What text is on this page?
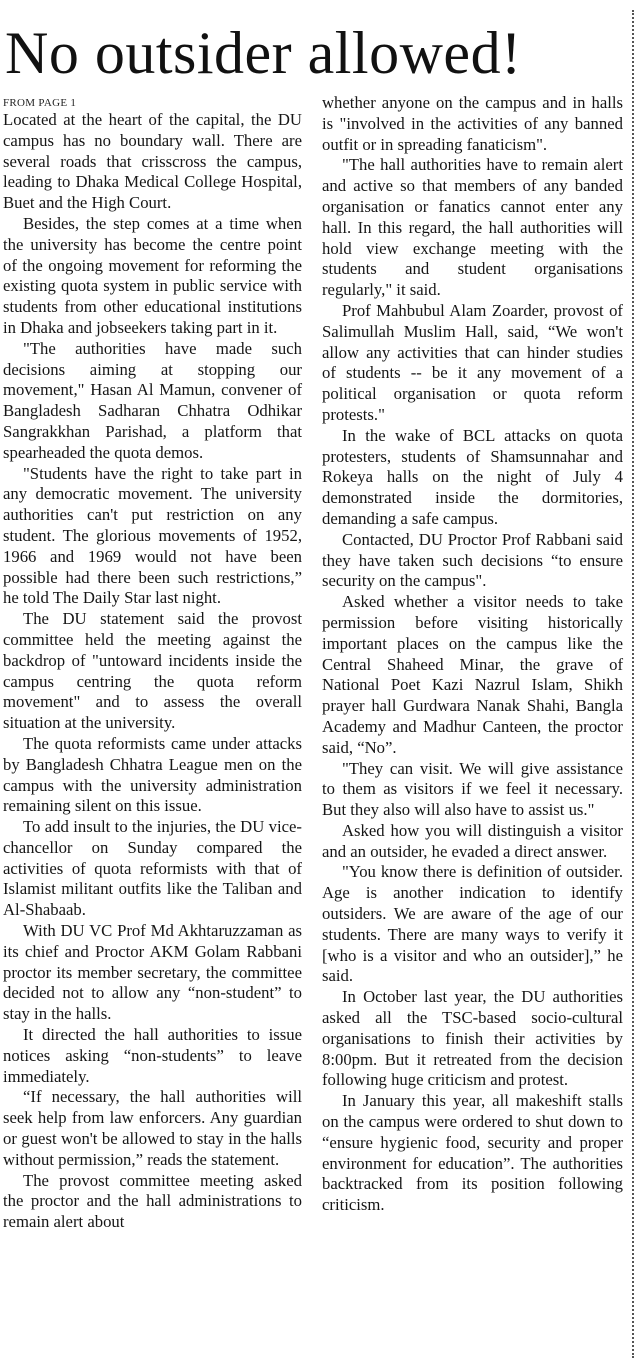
No outsider allowed!

FROM PAGE 1

Located at the heart of the capital, the DU campus has no boundary wall. There are several roads that crisscross the campus, leading to Dhaka Medical College Hospital, Buet and the High Court.

Besides, the step comes at a time when the university has become the centre point of the ongoing movement for reforming the existing quota system in public service with students from other educational institutions in Dhaka and jobseekers taking part in it.

"The authorities have made such decisions aiming at stopping our movement," Hasan Al Mamun, convener of Bangladesh Sadharan Chhatra Odhikar Sangrakkhan Parishad, a platform that spearheaded the quota demos.

"Students have the right to take part in any democratic movement. The university authorities can't put restriction on any student. The glorious movements of 1952, 1966 and 1969 would not have been possible had there been such restrictions,” he told The Daily Star last night.

The DU statement said the provost committee held the meeting against the backdrop of "untoward incidents inside the campus centring the quota reform movement" and to assess the overall situation at the university.

The quota reformists came under attacks by Bangladesh Chhatra League men on the campus with the university administration remaining silent on this issue.

To add insult to the injuries, the DU vice-chancellor on Sunday compared the activities of quota reformists with that of Islamist militant outfits like the Taliban and Al-Shabaab.

With DU VC Prof Md Akhtaruzzaman as its chief and Proctor AKM Golam Rabbani proctor its member secretary, the committee decided not to allow any “non-student” to stay in the halls.

It directed the hall authorities to issue notices asking “non-students” to leave immediately.

“If necessary, the hall authorities will seek help from law enforcers. Any guardian or guest won't be allowed to stay in the halls without permission,” reads the statement.

The provost committee meeting asked the proctor and the hall administrations to remain alert about

whether anyone on the campus and in halls is "involved in the activities of any banned outfit or in spreading fanaticism".

"The hall authorities have to remain alert and active so that members of any banded organisation or fanatics cannot enter any hall. In this regard, the hall authorities will hold view exchange meeting with the students and student organisations regularly," it said.

Prof Mahbubul Alam Zoarder, provost of Salimullah Muslim Hall, said, “We won't allow any activities that can hinder studies of students -- be it any movement of a political organisation or quota reform protests."

In the wake of BCL attacks on quota protesters, students of Shamsunnahar and Rokeya halls on the night of July 4 demonstrated inside the dormitories, demanding a safe campus.

Contacted, DU Proctor Prof Rabbani said they have taken such decisions “to ensure security on the campus".

Asked whether a visitor needs to take permission before visiting historically important places on the campus like the Central Shaheed Minar, the grave of National Poet Kazi Nazrul Islam, Shikh prayer hall Gurdwara Nanak Shahi, Bangla Academy and Madhur Canteen, the proctor said, “No”.

"They can visit. We will give assistance to them as visitors if we feel it necessary. But they also will also have to assist us."

Asked how you will distinguish a visitor and an outsider, he evaded a direct answer.

"You know there is definition of outsider. Age is another indication to identify outsiders. We are aware of the age of our students. There are many ways to verify it [who is a visitor and who an outsider],” he said.

In October last year, the DU authorities asked all the TSC-based socio-cultural organisations to finish their activities by 8:00pm. But it retreated from the decision following huge criticism and protest.

In January this year, all makeshift stalls on the campus were ordered to shut down to “ensure hygienic food, security and proper environment for education”. The authorities backtracked from its position following criticism.
